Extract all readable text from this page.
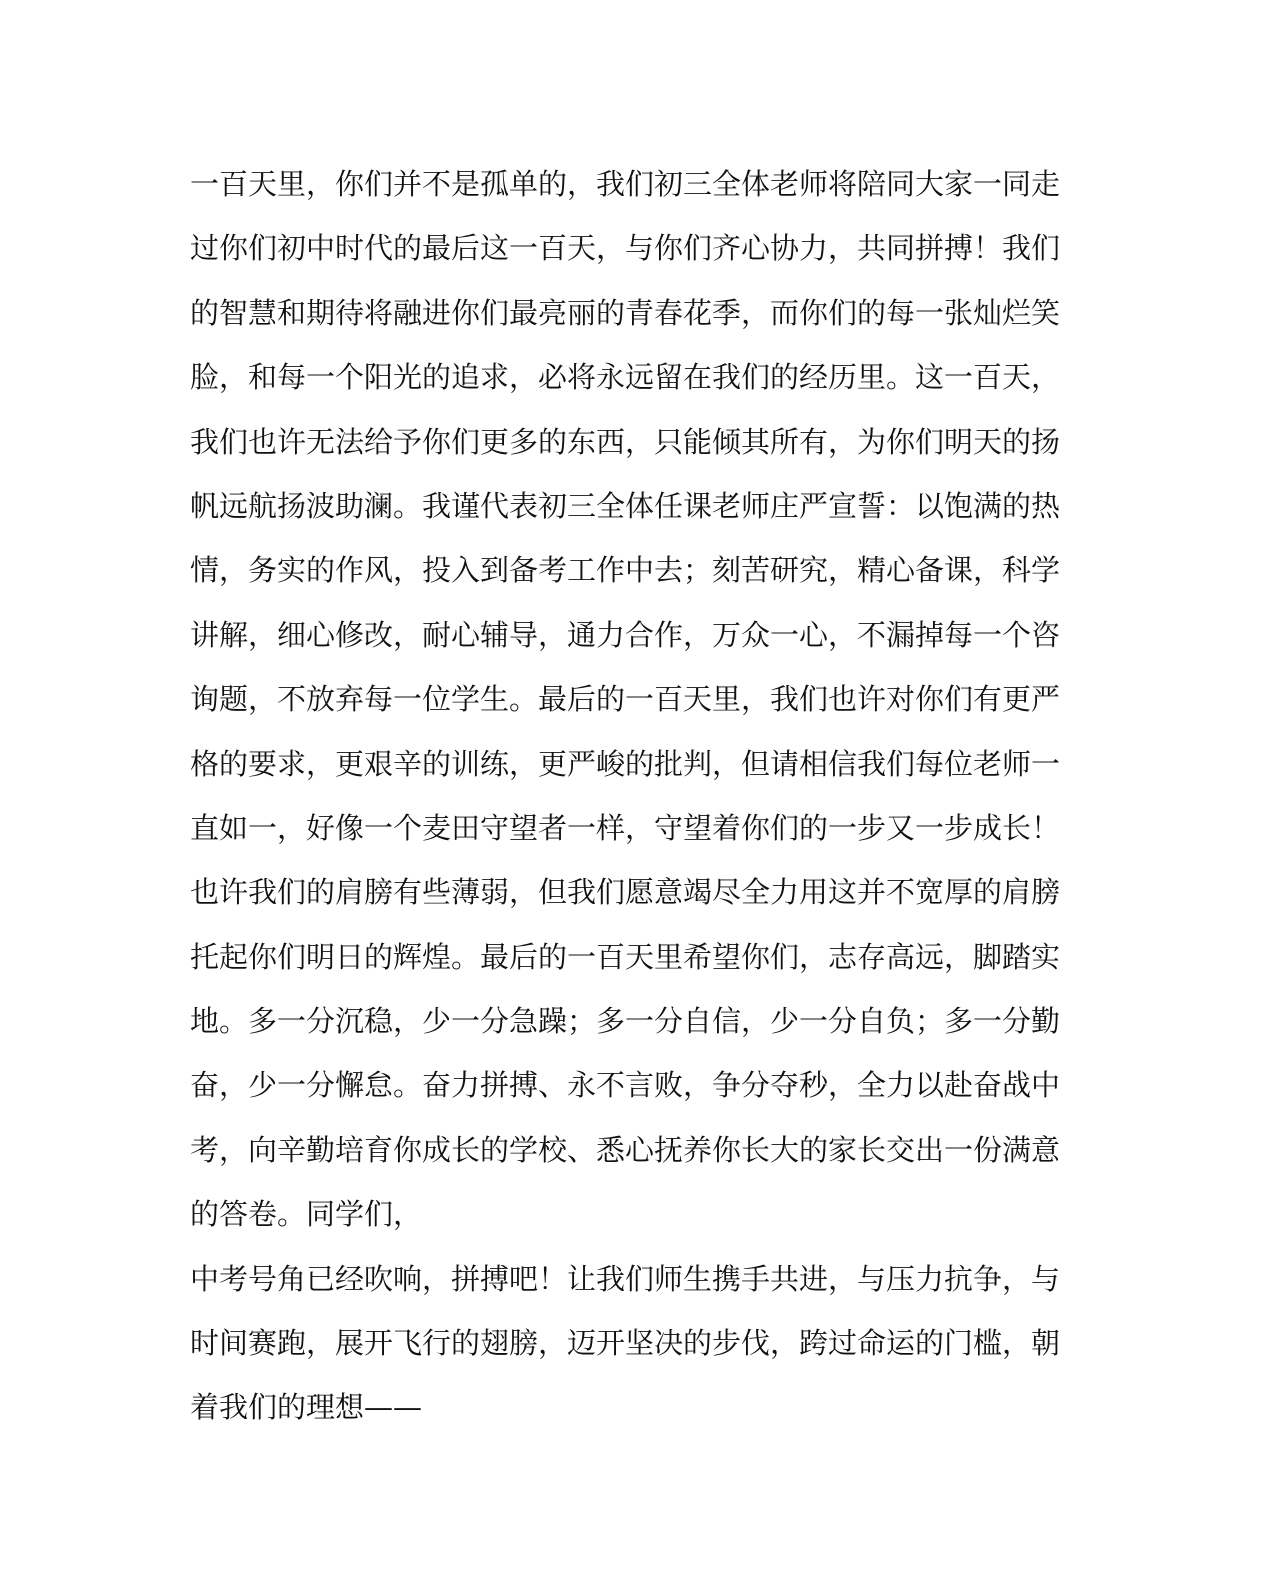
一百天里，你们并不是孤单的，我们初三全体老师将陪同大家一同走
过你们初中时代的最后这一百天，与你们齐心协力，共同拼搏！我们
的智慧和期待将融进你们最亮丽的青春花季，而你们的每一张灿烂笑
脸，和每一个阳光的追求，必将永远留在我们的经历里。这一百天，
我们也许无法给予你们更多的东西，只能倾其所有，为你们明天的扬
帆远航扬波助澜。我谨代表初三全体任课老师庄严宣誓：以饱满的热
情，务实的作风，投入到备考工作中去；刻苦研究，精心备课，科学
讲解，细心修改，耐心辅导，通力合作，万众一心，不漏掉每一个咨
询题，不放弃每一位学生。最后的一百天里，我们也许对你们有更严
格的要求，更艰辛的训练，更严峻的批判，但请相信我们每位老师一
直如一，好像一个麦田守望者一样，守望着你们的一步又一步成长！
也许我们的肩膀有些薄弱，但我们愿意竭尽全力用这并不宽厚的肩膀
托起你们明日的辉煌。最后的一百天里希望你们，志存高远，脚踏实
地。多一分沉稳，少一分急躁；多一分自信，少一分自负；多一分勤
奋，少一分懈怠。奋力拼搏、永不言败，争分夺秒，全力以赴奋战中
考，向辛勤培育你成长的学校、悉心抚养你长大的家长交出一份满意
的答卷。同学们，
中考号角已经吹响，拼搏吧！让我们师生携手共进，与压力抗争，与
时间赛跑，展开飞行的翅膀，迈开坚决的步伐，跨过命运的门槛，朝
着我们的理想——
